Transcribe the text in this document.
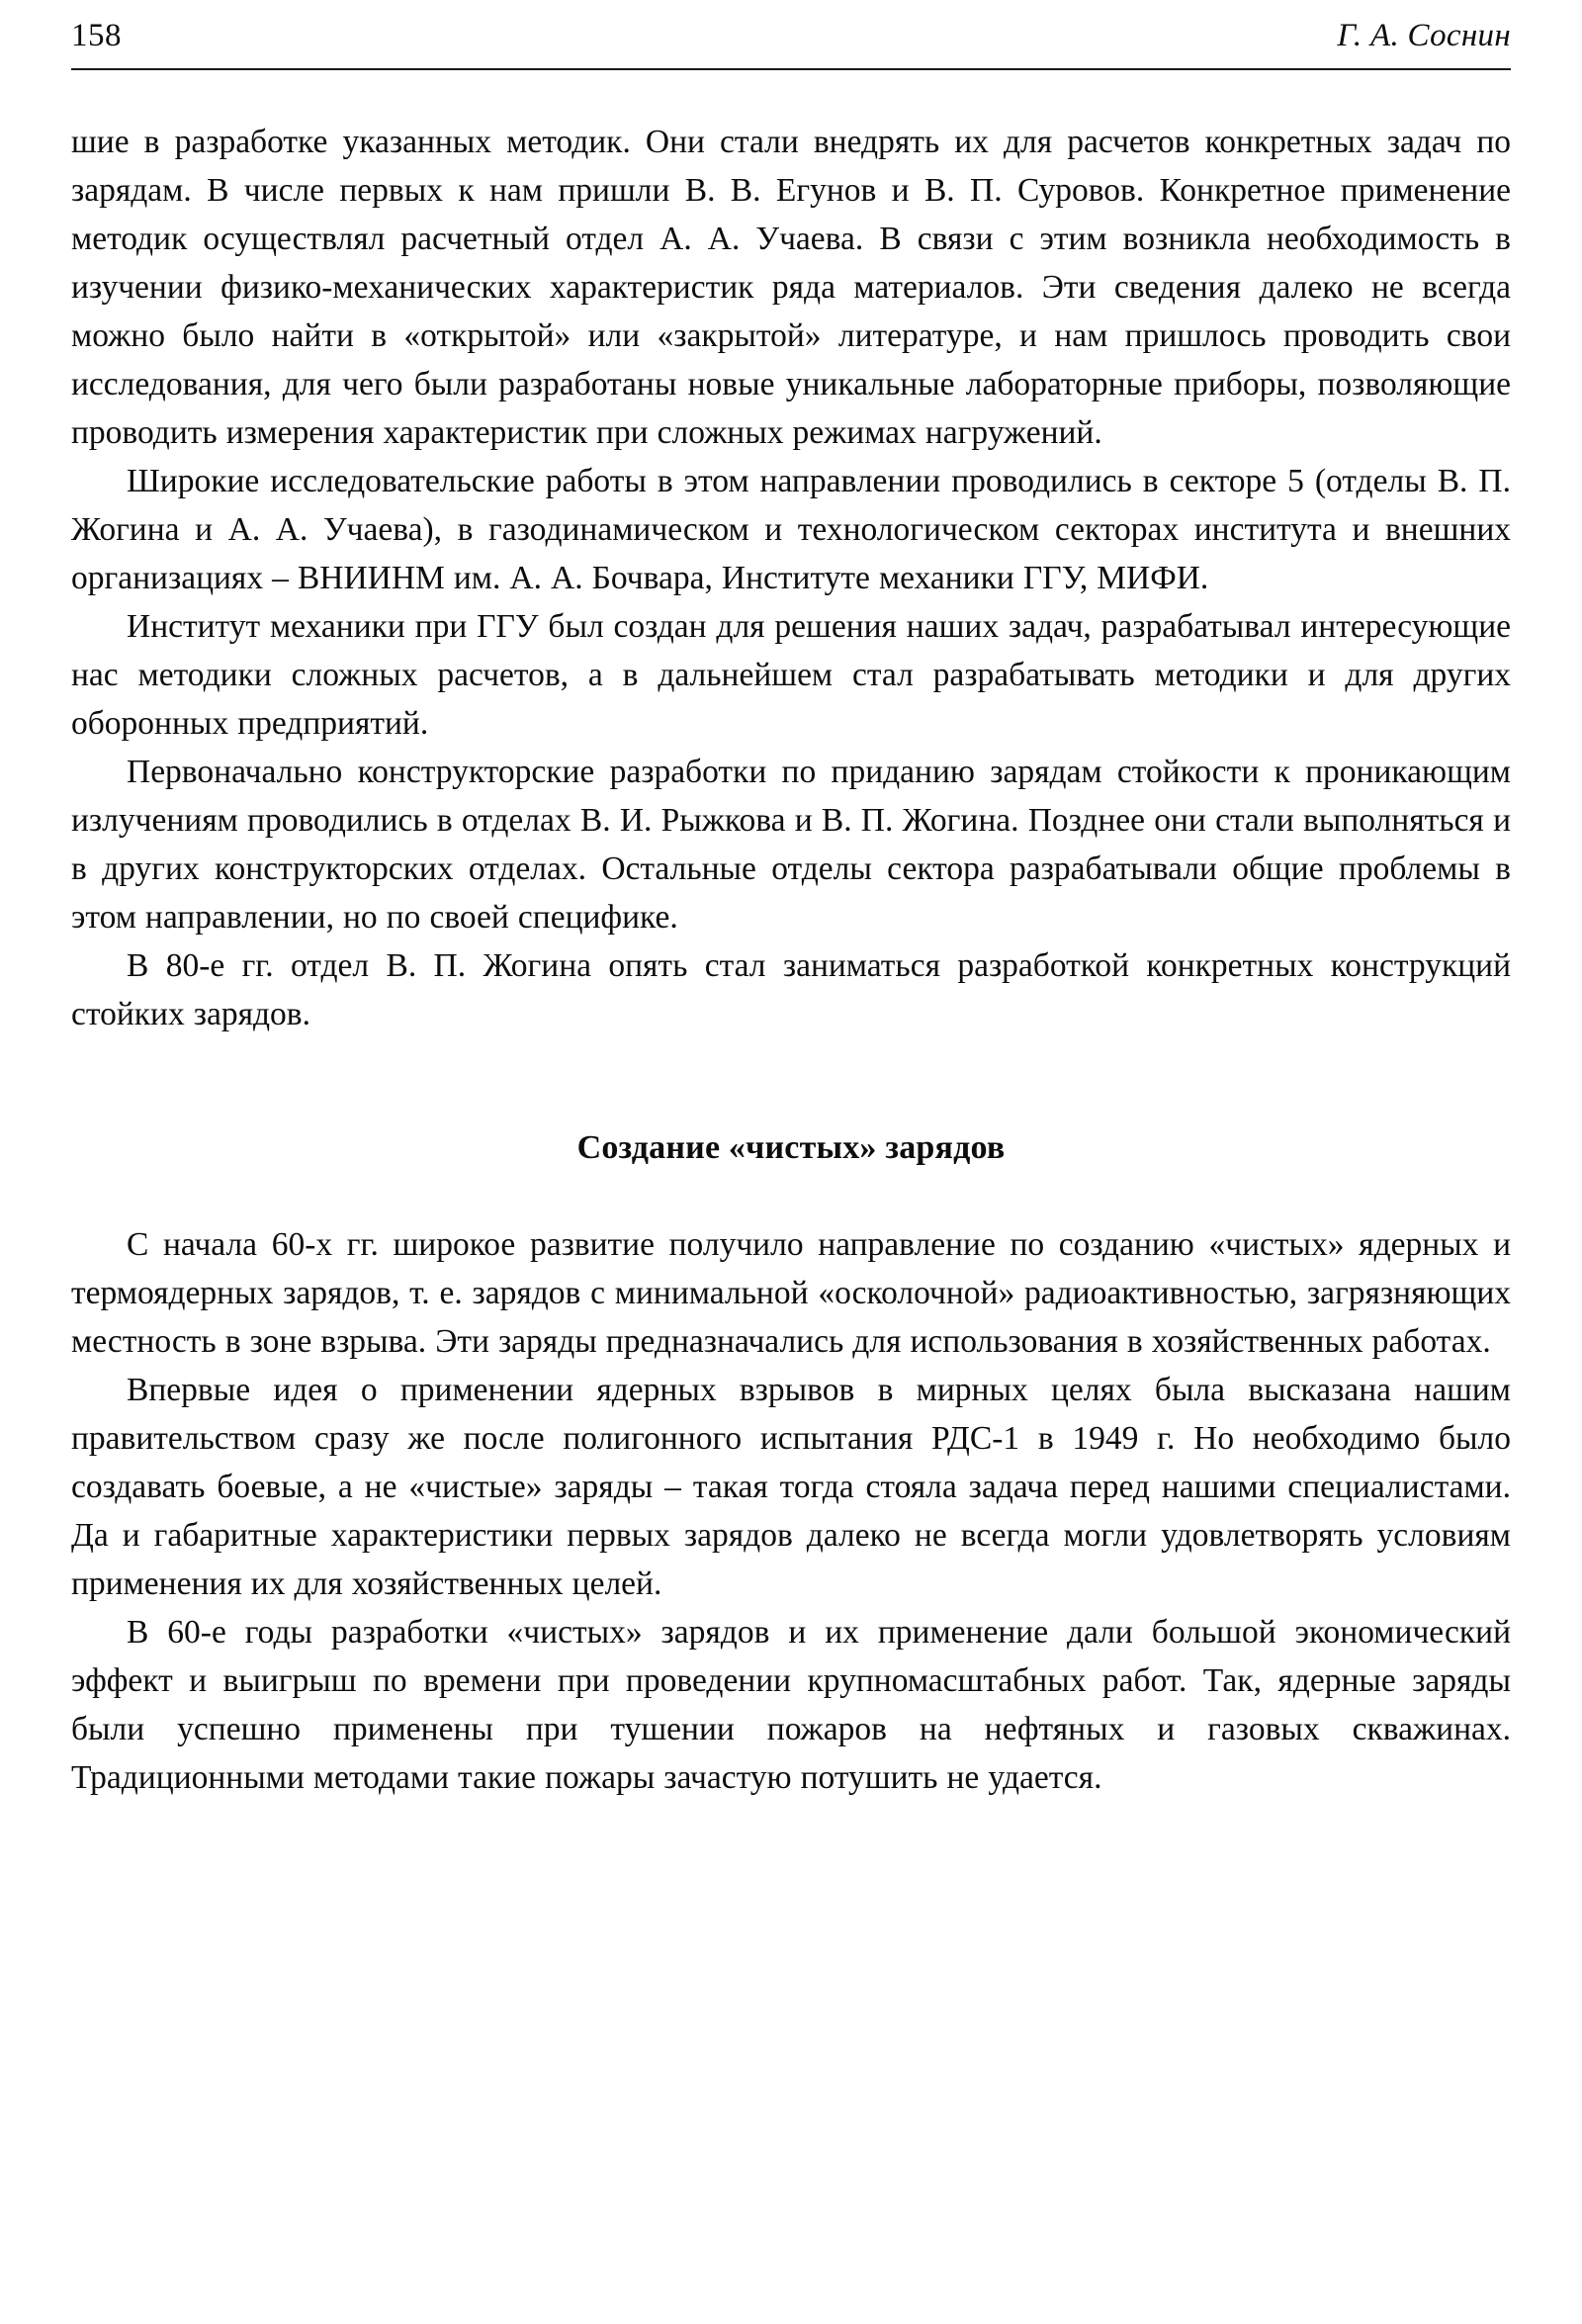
158	Г. А. Соснин

шие в разработке указанных методик. Они стали внедрять их для расчетов конкретных задач по зарядам. В числе первых к нам пришли В. В. Егунов и В. П. Суровов. Конкретное применение методик осуществлял расчетный отдел А. А. Учаева. В связи с этим возникла необходимость в изучении физико-механических характеристик ряда материалов. Эти сведения далеко не всегда можно было найти в «открытой» или «закрытой» литературе, и нам пришлось проводить свои исследования, для чего были разработаны новые уникальные лабораторные приборы, позволяющие проводить измерения характеристик при сложных режимах нагружений.

Широкие исследовательские работы в этом направлении проводились в секторе 5 (отделы В. П. Жогина и А. А. Учаева), в газодинамическом и технологическом секторах института и внешних организациях – ВНИИНМ им. А. А. Бочвара, Институте механики ГГУ, МИФИ.

Институт механики при ГГУ был создан для решения наших задач, разрабатывал интересующие нас методики сложных расчетов, а в дальнейшем стал разрабатывать методики и для других оборонных предприятий.

Первоначально конструкторские разработки по приданию зарядам стойкости к проникающим излучениям проводились в отделах В. И. Рыжкова и В. П. Жогина. Позднее они стали выполняться и в других конструкторских отделах. Остальные отделы сектора разрабатывали общие проблемы в этом направлении, но по своей специфике.

В 80-е гг. отдел В. П. Жогина опять стал заниматься разработкой конкретных конструкций стойких зарядов.

Создание «чистых» зарядов

С начала 60-х гг. широкое развитие получило направление по созданию «чистых» ядерных и термоядерных зарядов, т. е. зарядов с минимальной «осколочной» радиоактивностью, загрязняющих местность в зоне взрыва. Эти заряды предназначались для использования в хозяйственных работах.

Впервые идея о применении ядерных взрывов в мирных целях была высказана нашим правительством сразу же после полигонного испытания РДС-1 в 1949 г. Но необходимо было создавать боевые, а не «чистые» заряды – такая тогда стояла задача перед нашими специалистами. Да и габаритные характеристики первых зарядов далеко не всегда могли удовлетворять условиям применения их для хозяйственных целей.

В 60-е годы разработки «чистых» зарядов и их применение дали большой экономический эффект и выигрыш по времени при проведении крупномасштабных работ. Так, ядерные заряды были успешно применены при тушении пожаров на нефтяных и газовых скважинах. Традиционными методами такие пожары зачастую потушить не удается.
